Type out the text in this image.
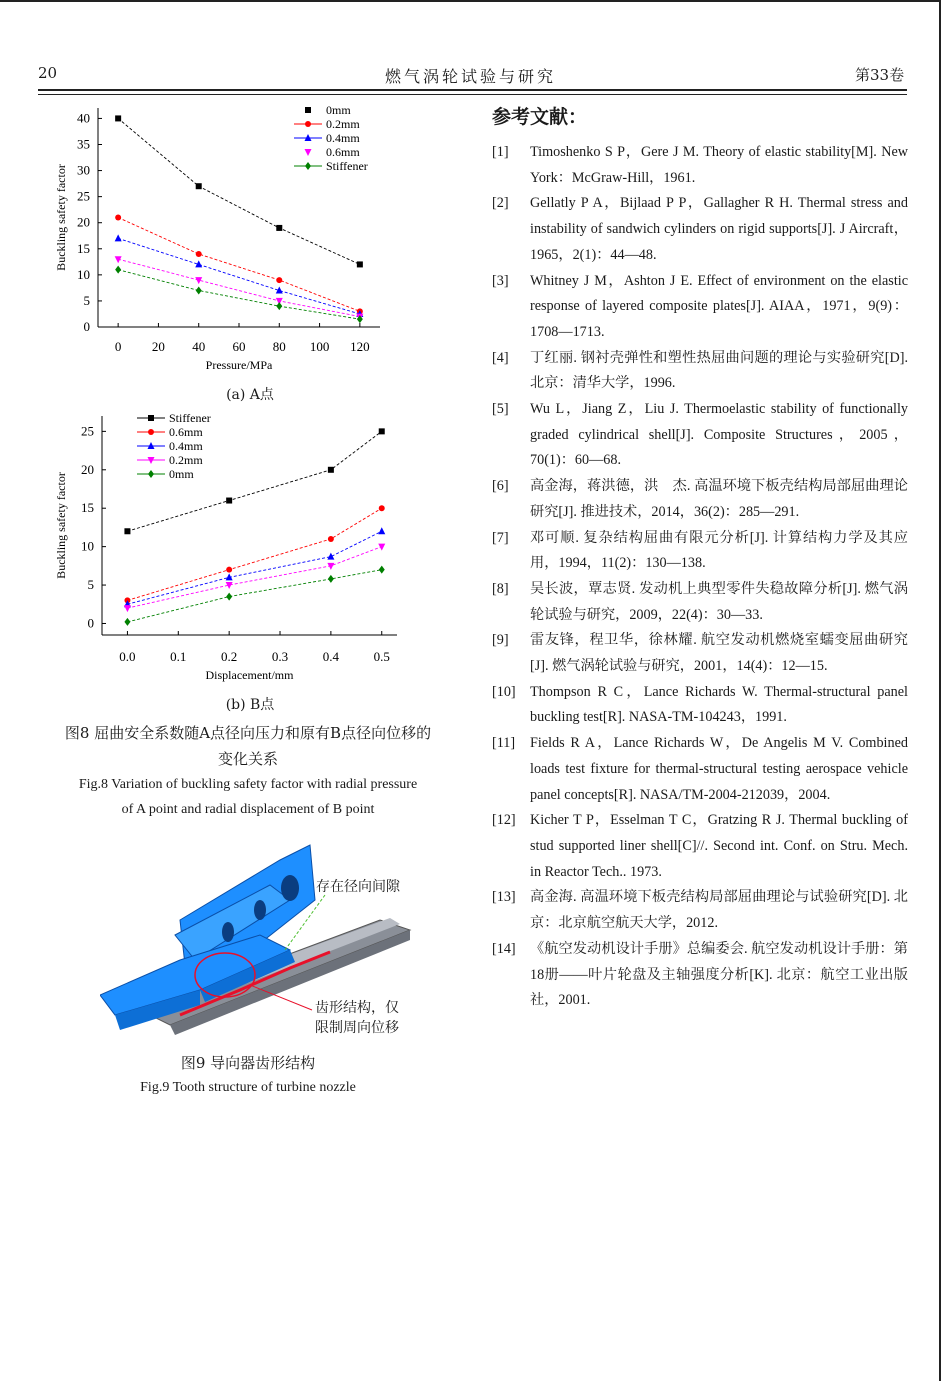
20	燃气涡轮试验与研究	第33卷
0
5
10
15
20
25
30
35
40
0 20 40 60 80 100 120
Pressure/MPa
Buckling safety factor
0mm
0.2mm
0.4mm
0.6mm
Stiffener
(a) A点
0
5
10
15
20
25
0.0	0.1	0.2	0.3	0.4	0.5
Displacement/mm
Buckling safety factor
Stiffener
0.6mm
0.4mm
0.2mm
0mm
(b) B点
图8 屈曲安全系数随A点径向压力和原有B点径向位移的
变化关系
Fig.8 Variation of buckling safety factor with radial pressure
of A point and radial displacement of B point
存在径向间隙
齿形结构，仅
限制周向位移
图9 导向器齿形结构
Fig.9 Tooth structure of turbine nozzle
参考文献：
[1]	Timoshenko S P，Gere J M. Theory of elastic stability[M]. New York：McGraw-Hill，1961.
[2]	Gellatly P A，Bijlaad P P，Gallagher R H. Thermal stress and instability of sandwich cylinders on rigid supports[J]. J Aircraft，1965，2(1)：44—48.
[3]	Whitney J M，Ashton J E. Effect of environment on the elastic response of layered composite plates[J]. AIAA，1971，9(9)：1708—1713.
[4]	丁红丽. 钢衬壳弹性和塑性热屈曲问题的理论与实验研究[D]. 北京：清华大学，1996.
[5]	Wu L，Jiang Z，Liu J. Thermoelastic stability of functionally graded cylindrical shell[J]. Composite Structures，2005，70(1)：60—68.
[6]	高金海，蒋洪德，洪　杰. 高温环境下板壳结构局部屈曲理论研究[J]. 推进技术，2014，36(2)：285—291.
[7]	邓可顺. 复杂结构屈曲有限元分析[J]. 计算结构力学及其应用，1994，11(2)：130—138.
[8]	吴长波，覃志贤. 发动机上典型零件失稳故障分析[J]. 燃气涡轮试验与研究，2009，22(4)：30—33.
[9]	雷友锋，程卫华，徐林耀. 航空发动机燃烧室蠕变屈曲研究[J]. 燃气涡轮试验与研究，2001，14(4)：12—15.
[10]	Thompson R C，Lance Richards W. Thermal-structural panel buckling test[R]. NASA-TM-104243，1991.
[11]	Fields R A，Lance Richards W，De Angelis M V. Combined loads test fixture for thermal-structural testing aerospace vehicle panel concepts[R]. NASA/TM-2004-212039，2004.
[12]	Kicher T P，Esselman T C，Gratzing R J. Thermal buckling of stud supported liner shell[C]//. Second int. Conf. on Stru. Mech. in Reactor Tech.. 1973.
[13]	高金海. 高温环境下板壳结构局部屈曲理论与试验研究[D]. 北京：北京航空航天大学，2012.
[14]	《航空发动机设计手册》总编委会. 航空发动机设计手册：第18册——叶片轮盘及主轴强度分析[K]. 北京：航空工业出版社，2001.
